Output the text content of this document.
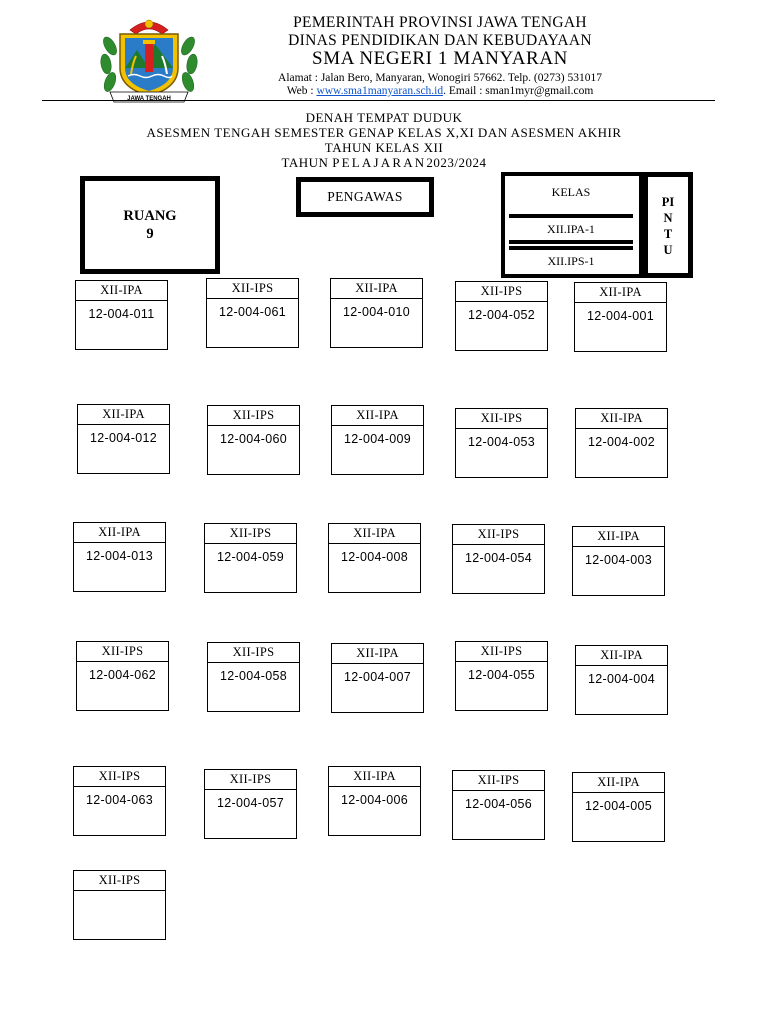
JAWA TENGAH
PEMERINTAH PROVINSI JAWA TENGAH
DINAS PENDIDIKAN DAN KEBUDAYAAN
SMA NEGERI 1 MANYARAN
Alamat : Jalan Bero, Manyaran, Wonogiri 57662. Telp. (0273) 531017
Web : www.sma1manyaran.sch.id. Email : sman1myr@gmail.com
DENAH TEMPAT DUDUK
ASESMEN TENGAH SEMESTER GENAP KELAS X,XI DAN ASESMEN AKHIR
TAHUN KELAS XII
TAHUN PELAJARAN2023/2024
RUANG
9
PENGAWAS	KELAS
XII.IPA-1
XII.IPS-1
PI
N
T
U
XII-IPA
12-004-011
XII-IPS
12-004-061
XII-IPA
12-004-010
XII-IPS
12-004-052
XII-IPA
12-004-001
XII-IPA
12-004-012
XII-IPS
12-004-060
XII-IPA
12-004-009
XII-IPS
12-004-053
XII-IPA
12-004-002
XII-IPA
12-004-013
XII-IPS
12-004-059
XII-IPA
12-004-008
XII-IPS
12-004-054
XII-IPA
12-004-003
XII-IPS
12-004-062
XII-IPS
12-004-058
XII-IPA
12-004-007
XII-IPS
12-004-055
XII-IPA
12-004-004
XII-IPS
12-004-063
XII-IPS
12-004-057
XII-IPA
12-004-006
XII-IPS
12-004-056
XII-IPA
12-004-005
XII-IPS
